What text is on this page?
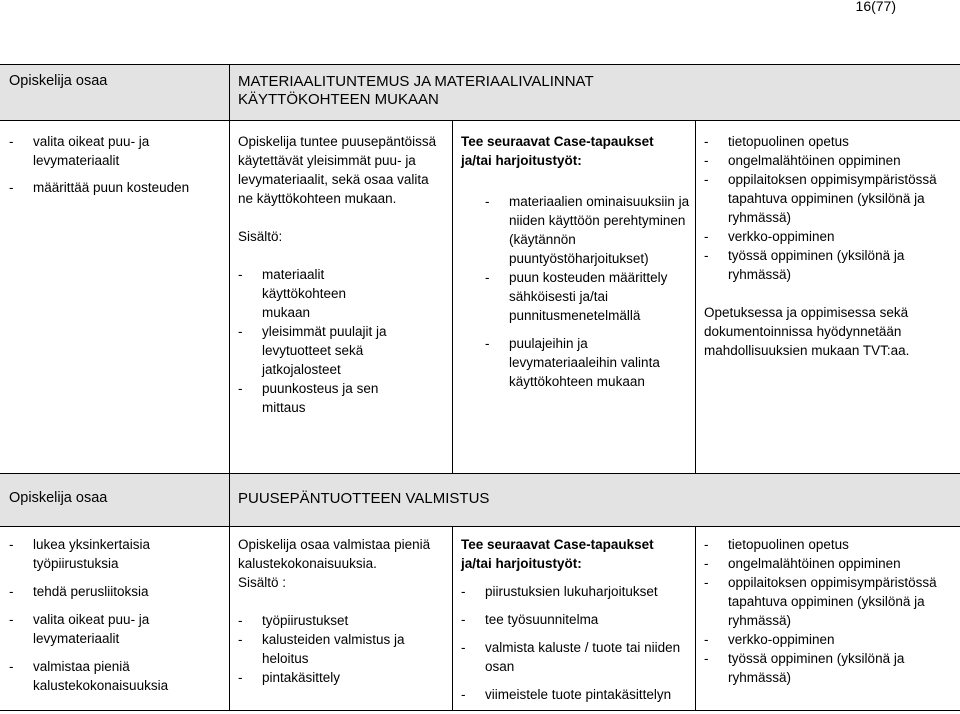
16(77)
Opiskelija osaa	MATERIAALITUNTEMUS JA MATERIAALIVALINNAT
KÄYTTÖKOHTEEN MUKAAN
- valita oikeat puu- ja levymateriaalit
- määrittää puun kosteuden

Opiskelija tuntee puusepäntöissä käytettävät yleisimmät puu- ja levymateriaalit, sekä osaa valita ne käyttökohteen mukaan.

Sisältö:

- materiaalit käyttökohteen mukaan
- yleisimmät puulajit ja levytuotteet sekä jatkojalosteet
- puunkosteus ja sen mittaus

Tee seuraavat Case-tapaukset ja/tai harjoitustyöt:

- materiaalien ominaisuuksiin ja niiden käyttöön perehtyminen (käytännön puuntyöstöharjoitukset)
- puun kosteuden määrittely sähköisesti ja/tai punnitusmenetelmällä
- puulajeihin ja levymateriaaleihin valinta käyttökohteen mukaan
- tietopuolinen opetus
- ongelmalähtöinen oppiminen
- oppilaitoksen oppimisympäristössä tapahtuva oppiminen (yksilönä ja ryhmässä)
- verkko-oppiminen
- työssä oppiminen (yksilönä ja ryhmässä)

Opetuksessa ja oppimisessa sekä dokumentoinnissa hyödynnetään mahdollisuuksien mukaan TVT:aa.

Opiskelija osaa	PUUSEPÄNTUOTTEEN VALMISTUS
- lukea yksinkertaisia työpiirustuksia
- tehdä perusliitoksia
- valita oikeat puu- ja levymateriaalit
- valmistaa pieniä kalustekokonaisuuksia

Opiskelija osaa valmistaa pieniä kalustekokonaisuuksia.

Sisältö :

- työpiirustukset
- kalusteiden valmistus ja heloitus
- pintakäsittely

Tee seuraavat Case-tapaukset ja/tai harjoitustyöt:

- piirustuksien lukuharjoitukset
- tee työsuunnitelma
- valmista kaluste / tuote tai niiden osan
- viimeistele tuote pintakäsittelyn
- tietopuolinen opetus
- ongelmalähtöinen oppiminen
- oppilaitoksen oppimisympäristössä tapahtuva oppiminen (yksilönä ja ryhmässä)
- verkko-oppiminen
- työssä oppiminen (yksilönä ja ryhmässä)
